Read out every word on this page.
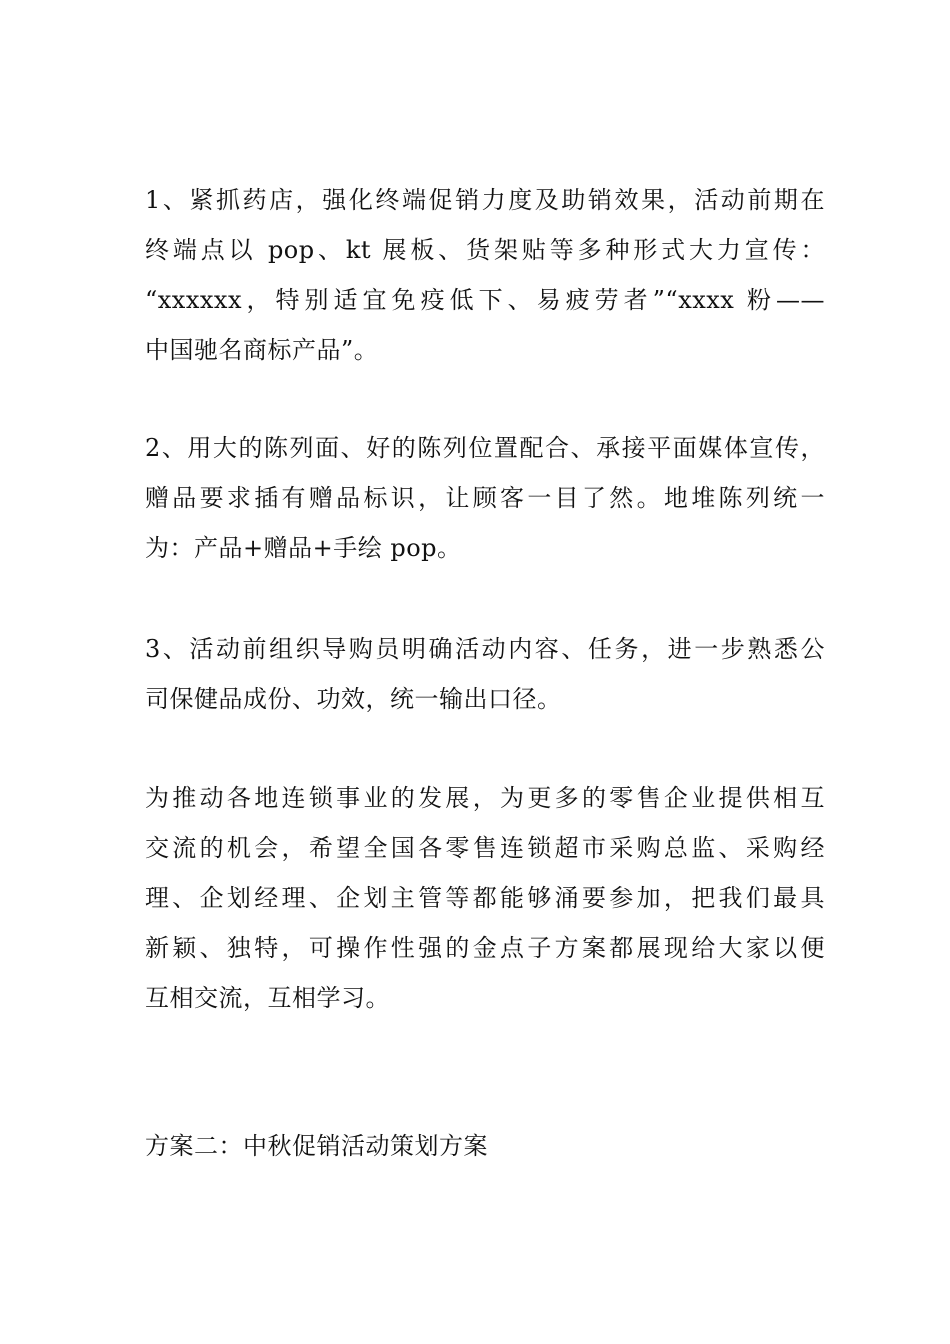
1、紧抓药店，强化终端促销力度及助销效果，活动前期在
终端点以 pop、kt 展板、货架贴等多种形式大力宣传：
“xxxxxx，特别适宜免疫低下、易疲劳者”“xxxx 粉——
中国驰名商标产品”。

2、用大的陈列面、好的陈列位置配合、承接平面媒体宣传，
赠品要求插有赠品标识，让顾客一目了然。地堆陈列统一
为：产品+赠品+手绘 pop。

3、活动前组织导购员明确活动内容、任务，进一步熟悉公
司保健品成份、功效，统一输出口径。

为推动各地连锁事业的发展，为更多的零售企业提供相互
交流的机会，希望全国各零售连锁超市采购总监、采购经
理、企划经理、企划主管等都能够涌要参加，把我们最具
新颖、独特，可操作性强的金点子方案都展现给大家以便
互相交流，互相学习。

方案二：中秋促销活动策划方案
